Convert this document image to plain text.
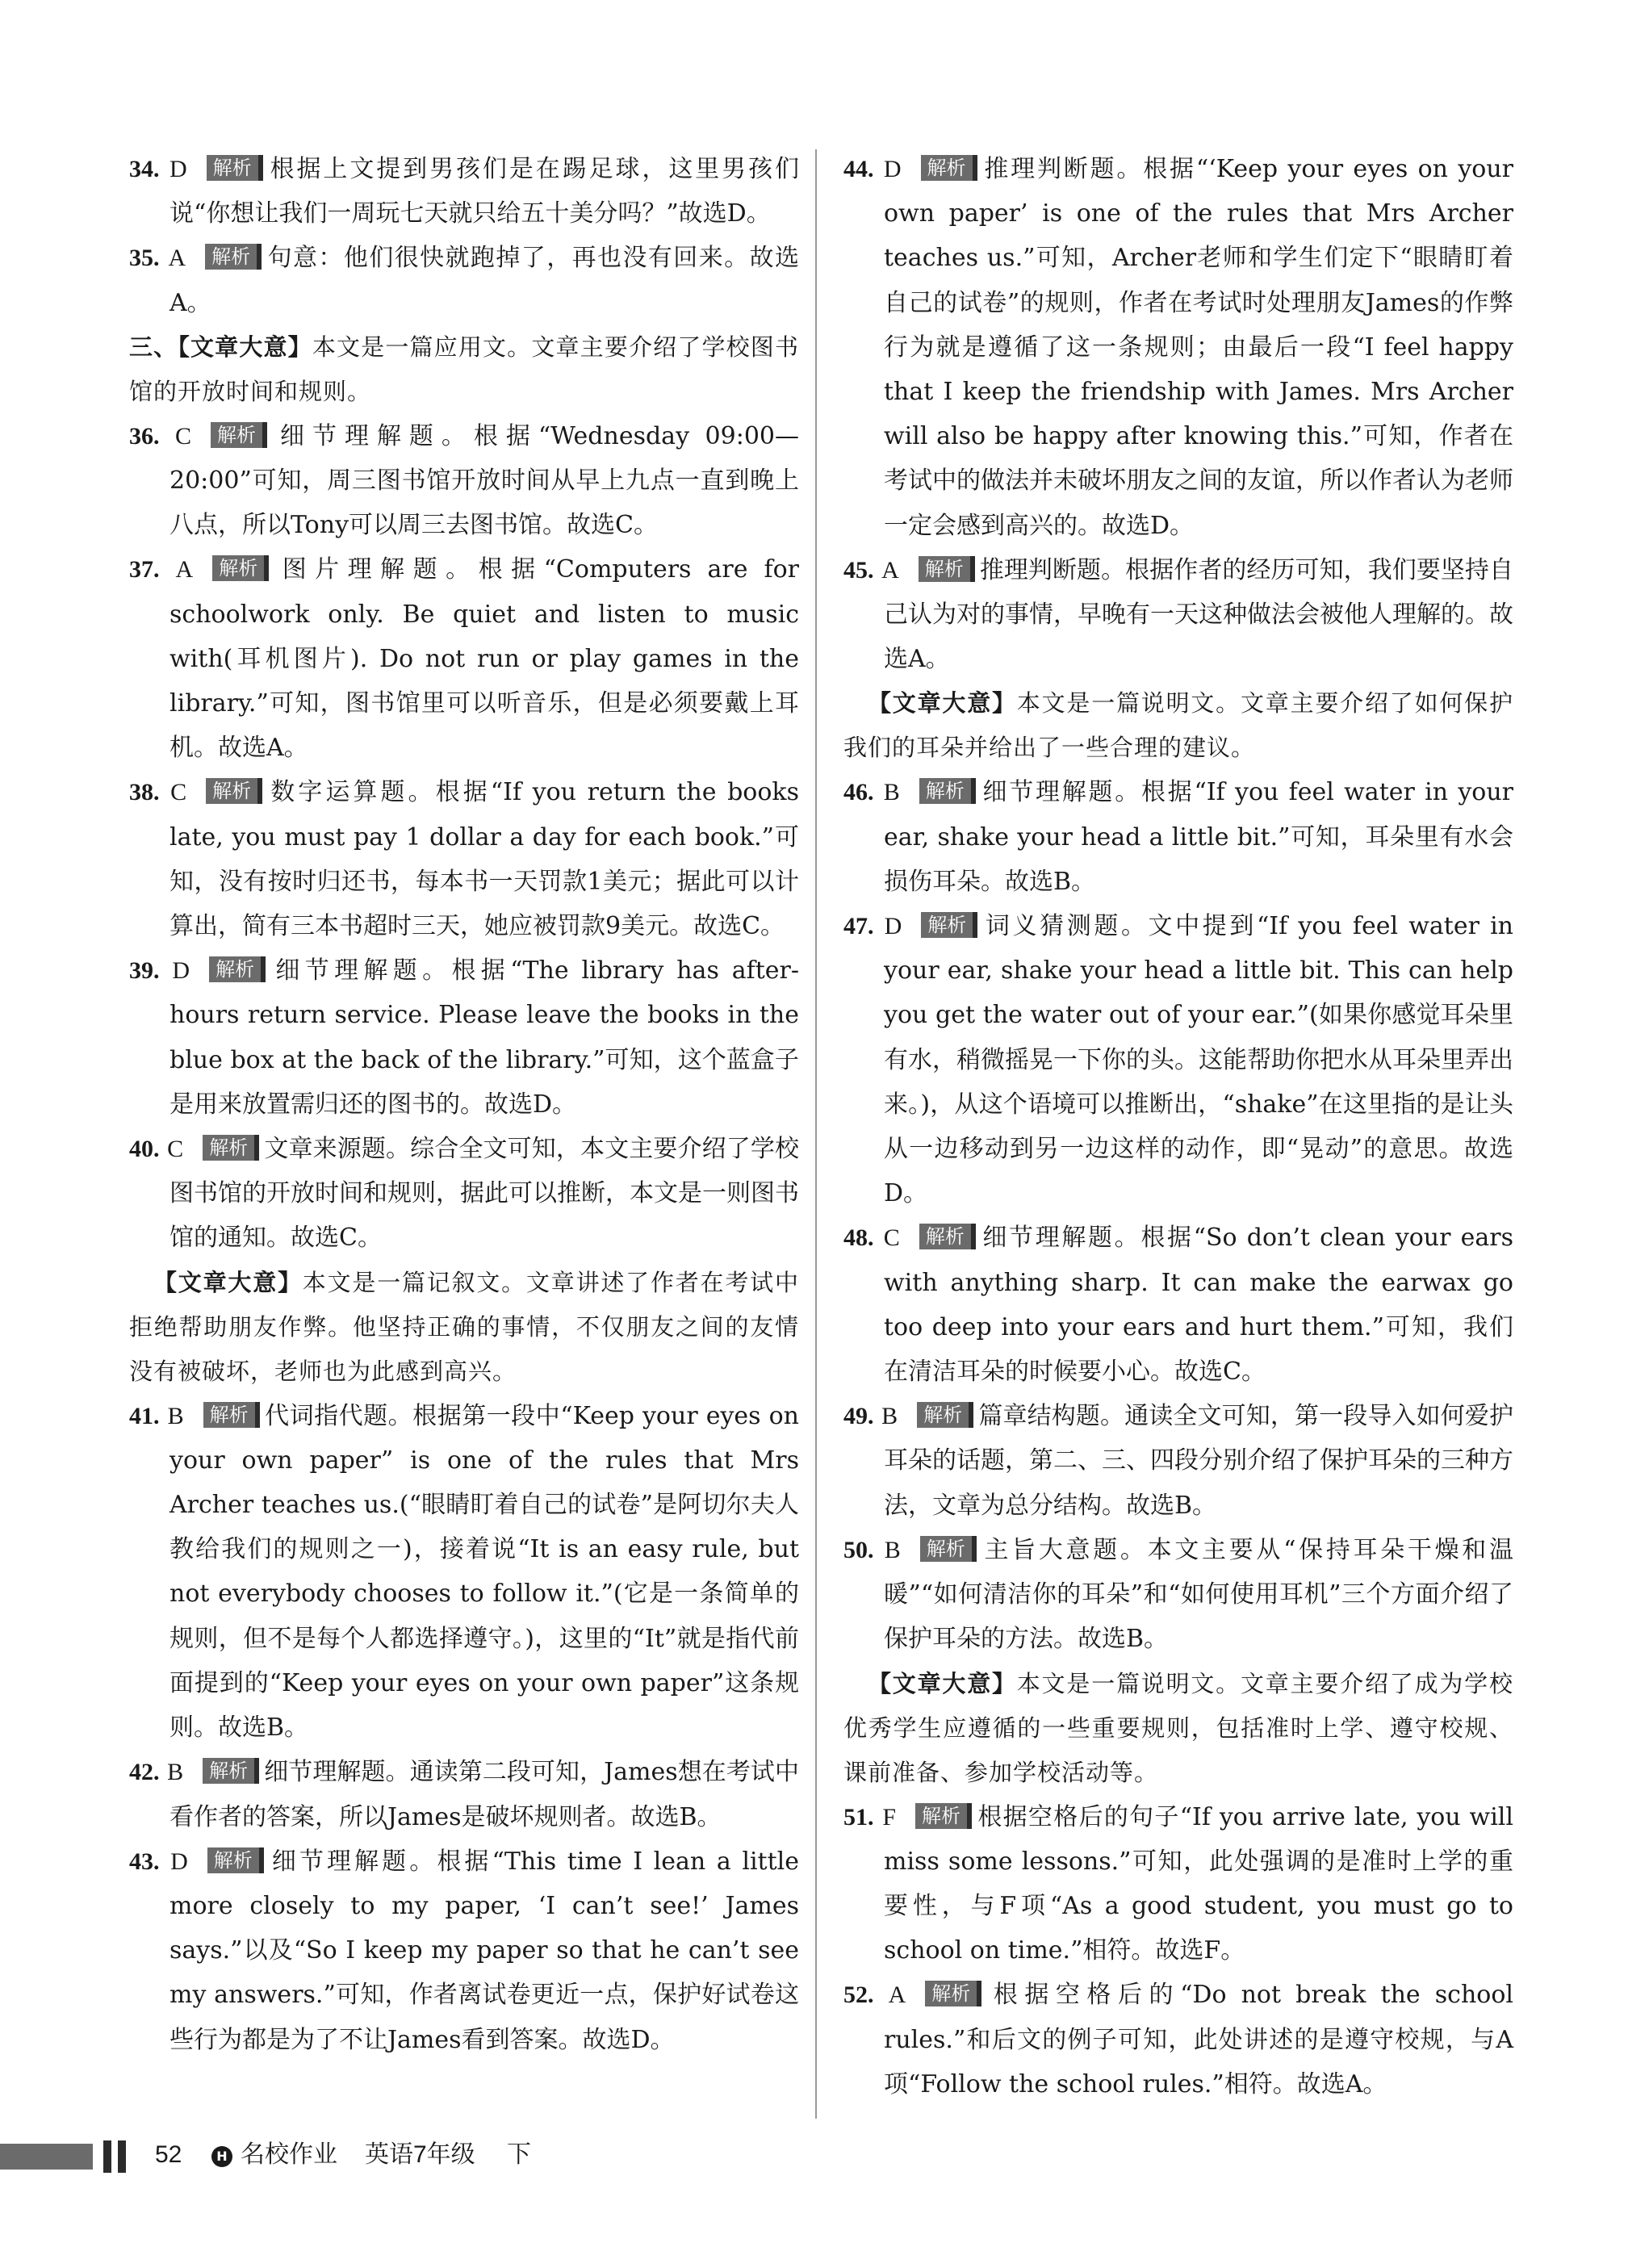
34. D 解析 根据上文提到男孩们是在踢足球，这里男孩们说“你想让我们一周玩七天就只给五十美分吗？”故选D。
35. A 解析 句意：他们很快就跑掉了，再也没有回来。故选A。
三、【文章大意】本文是一篇应用文。文章主要介绍了学校图书馆的开放时间和规则。
36. C 解析 细节理解题。根据“Wednesday 09:00—20:00”可知，周三图书馆开放时间从早上九点一直到晚上八点，所以Tony可以周三去图书馆。故选C。
37. A 解析 图片理解题。根据“Computers are for schoolwork only. Be quiet and listen to music with(耳机图片). Do not run or play games in the library.”可知，图书馆里可以听音乐，但是必须要戴上耳机。故选A。
38. C 解析 数字运算题。根据“If you return the books late, you must pay 1 dollar a day for each book.”可知，没有按时归还书，每本书一天罚款1美元；据此可以计算出，简有三本书超时三天，她应被罚款9美元。故选C。
39. D 解析 细节理解题。根据“The library has after-hours return service. Please leave the books in the blue box at the back of the library.”可知，这个蓝盒子是用来放置需归还的图书的。故选D。
40. C 解析 文章来源题。综合全文可知，本文主要介绍了学校图书馆的开放时间和规则，据此可以推断，本文是一则图书馆的通知。故选C。
【文章大意】本文是一篇记叙文。文章讲述了作者在考试中拒绝帮助朋友作弊。他坚持正确的事情，不仅朋友之间的友情没有被破坏，老师也为此感到高兴。
41. B 解析 代词指代题。根据第一段中“Keep your eyes on your own paper” is one of the rules that Mrs Archer teaches us.(“眼睛盯着自己的试卷”是阿切尔夫人教给我们的规则之一)，接着说“It is an easy rule, but not everybody chooses to follow it.”(它是一条简单的规则，但不是每个人都选择遵守。)，这里的“It”就是指代前面提到的“Keep your eyes on your own paper”这条规则。故选B。
42. B 解析 细节理解题。通读第二段可知，James想在考试中看作者的答案，所以James是破坏规则者。故选B。
43. D 解析 细节理解题。根据“This time I lean a little more closely to my paper, ‘I can’t see!’ James says.”以及“So I keep my paper so that he can’t see my answers.”可知，作者离试卷更近一点，保护好试卷这些行为都是为了不让James看到答案。故选D。
44. D 解析 推理判断题。根据“‘Keep your eyes on your own paper’ is one of the rules that Mrs Archer teaches us.”可知，Archer老师和学生们定下“眼睛盯着自己的试卷”的规则，作者在考试时处理朋友James的作弊行为就是遵循了这一条规则；由最后一段“I feel happy that I keep the friendship with James. Mrs Archer will also be happy after knowing this.”可知，作者在考试中的做法并未破坏朋友之间的友谊，所以作者认为老师一定会感到高兴的。故选D。
45. A 解析 推理判断题。根据作者的经历可知，我们要坚持自己认为对的事情，早晚有一天这种做法会被他人理解的。故选A。
【文章大意】本文是一篇说明文。文章主要介绍了如何保护我们的耳朵并给出了一些合理的建议。
46. B 解析 细节理解题。根据“If you feel water in your ear, shake your head a little bit.”可知，耳朵里有水会损伤耳朵。故选B。
47. D 解析 词义猜测题。文中提到“If you feel water in your ear, shake your head a little bit. This can help you get the water out of your ear.”(如果你感觉耳朵里有水，稍微摇晃一下你的头。这能帮助你把水从耳朵里弄出来。)，从这个语境可以推断出，“shake”在这里指的是让头从一边移动到另一边这样的动作，即“晃动”的意思。故选D。
48. C 解析 细节理解题。根据“So don’t clean your ears with anything sharp. It can make the earwax go too deep into your ears and hurt them.”可知，我们在清洁耳朵的时候要小心。故选C。
49. B 解析 篇章结构题。通读全文可知，第一段导入如何爱护耳朵的话题，第二、三、四段分别介绍了保护耳朵的三种方法，文章为总分结构。故选B。
50. B 解析 主旨大意题。本文主要从“保持耳朵干燥和温暖”“如何清洁你的耳朵”和“如何使用耳机”三个方面介绍了保护耳朵的方法。故选B。
【文章大意】本文是一篇说明文。文章主要介绍了成为学校优秀学生应遵循的一些重要规则，包括准时上学、遵守校规、课前准备、参加学校活动等。
51. F 解析 根据空格后的句子“If you arrive late, you will miss some lessons.”可知，此处强调的是准时上学的重要性，与F项“As a good student, you must go to school on time.”相符。故选F。
52. A 解析 根据空格后的“Do not break the school rules.”和后文的例子可知，此处讲述的是遵守校规，与A项“Follow the school rules.”相符。故选A。
52	H 名校作业 英语7年级 下
